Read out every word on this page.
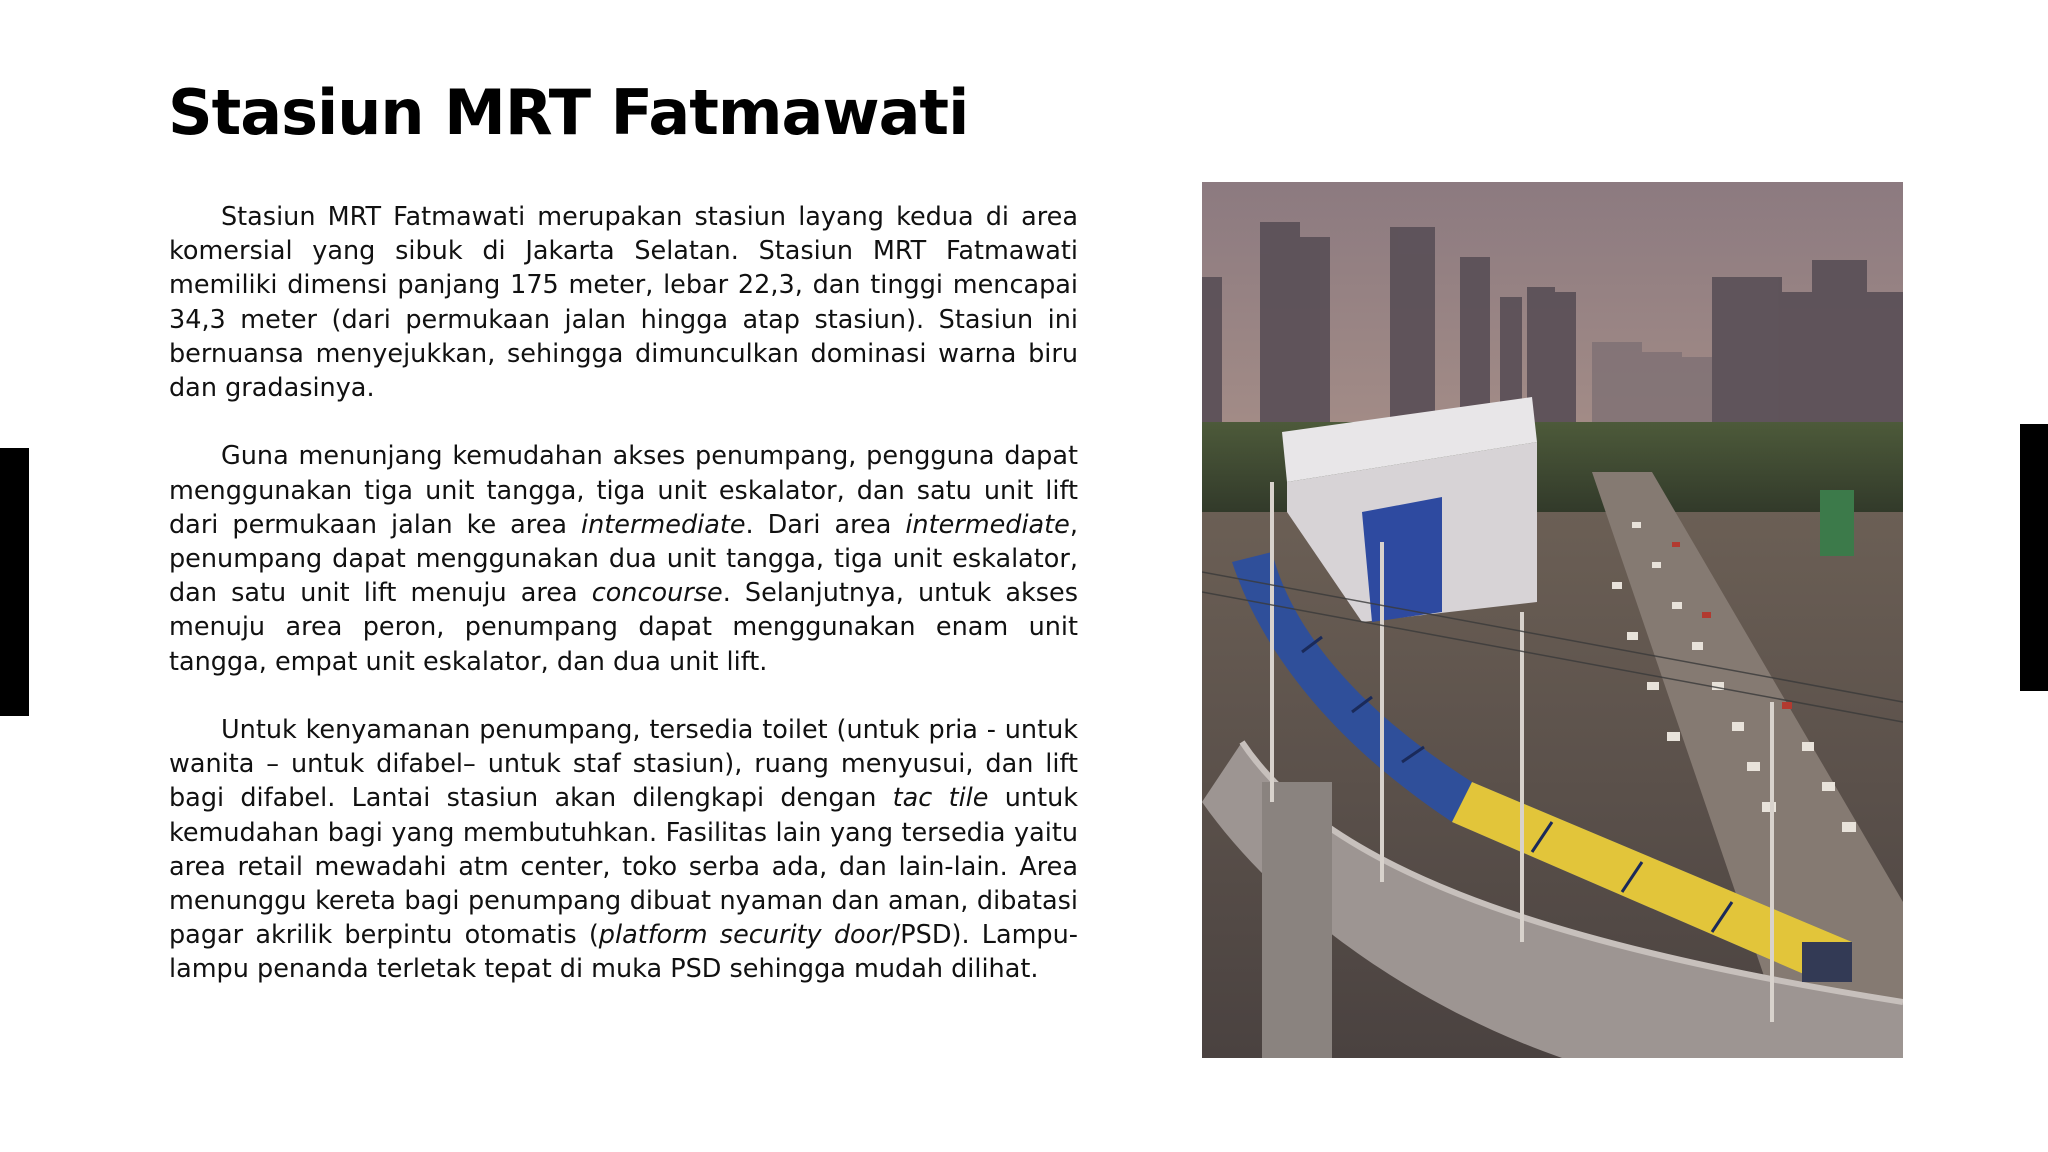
Stasiun MRT Fatmawati

Stasiun MRT Fatmawati merupakan stasiun layang kedua di area komersial yang sibuk di Jakarta Selatan. Stasiun MRT Fatmawati memiliki dimensi panjang 175 meter, lebar 22,3, dan tinggi mencapai 34,3 meter (dari permukaan jalan hingga atap stasiun). Stasiun ini bernuansa menyejukkan, sehingga dimunculkan dominasi warna biru dan gradasinya.

Guna menunjang kemudahan akses penumpang, pengguna dapat menggunakan tiga unit tangga, tiga unit eskalator, dan satu unit lift dari permukaan jalan ke area intermediate. Dari area intermediate, penumpang dapat menggunakan dua unit tangga, tiga unit eskalator, dan satu unit lift menuju area concourse. Selanjutnya, untuk akses menuju area peron, penumpang dapat menggunakan enam unit tangga, empat unit eskalator, dan dua unit lift.

Untuk kenyamanan penumpang, tersedia toilet (untuk pria - untuk wanita – untuk difabel– untuk staf stasiun), ruang menyusui, dan lift bagi difabel. Lantai stasiun akan dilengkapi dengan tac tile untuk kemudahan bagi yang membutuhkan. Fasilitas lain yang tersedia yaitu area retail mewadahi atm center, toko serba ada, dan lain-lain. Area menunggu kereta bagi penumpang dibuat nyaman dan aman, dibatasi pagar akrilik berpintu otomatis (platform security door/PSD). Lampu-lampu penanda terletak tepat di muka PSD sehingga mudah dilihat.
